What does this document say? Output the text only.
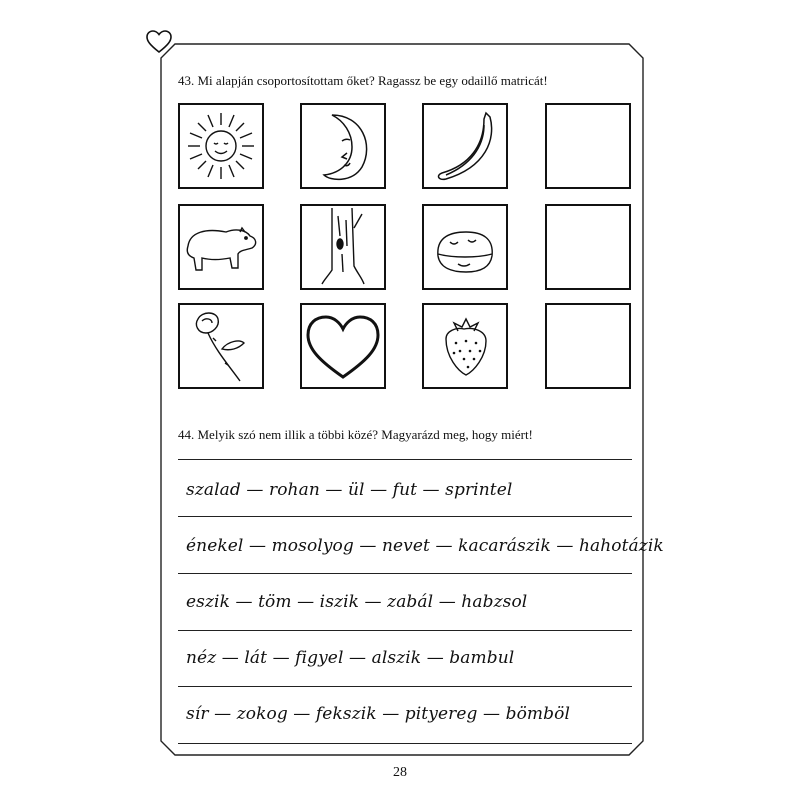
43. Mi alapján csoportosítottam őket? Ragassz be egy odaillő matricát!
44. Melyik szó nem illik a többi közé? Magyarázd meg, hogy miért!
szalad — rohan — ül — fut — sprintel
énekel — mosolyog — nevet — kacarászik — hahotázik
eszik — töm — iszik — zabál — habzsol
néz — lát — figyel — alszik — bambul
sír — zokog — fekszik — pityereg — bömböl
28
